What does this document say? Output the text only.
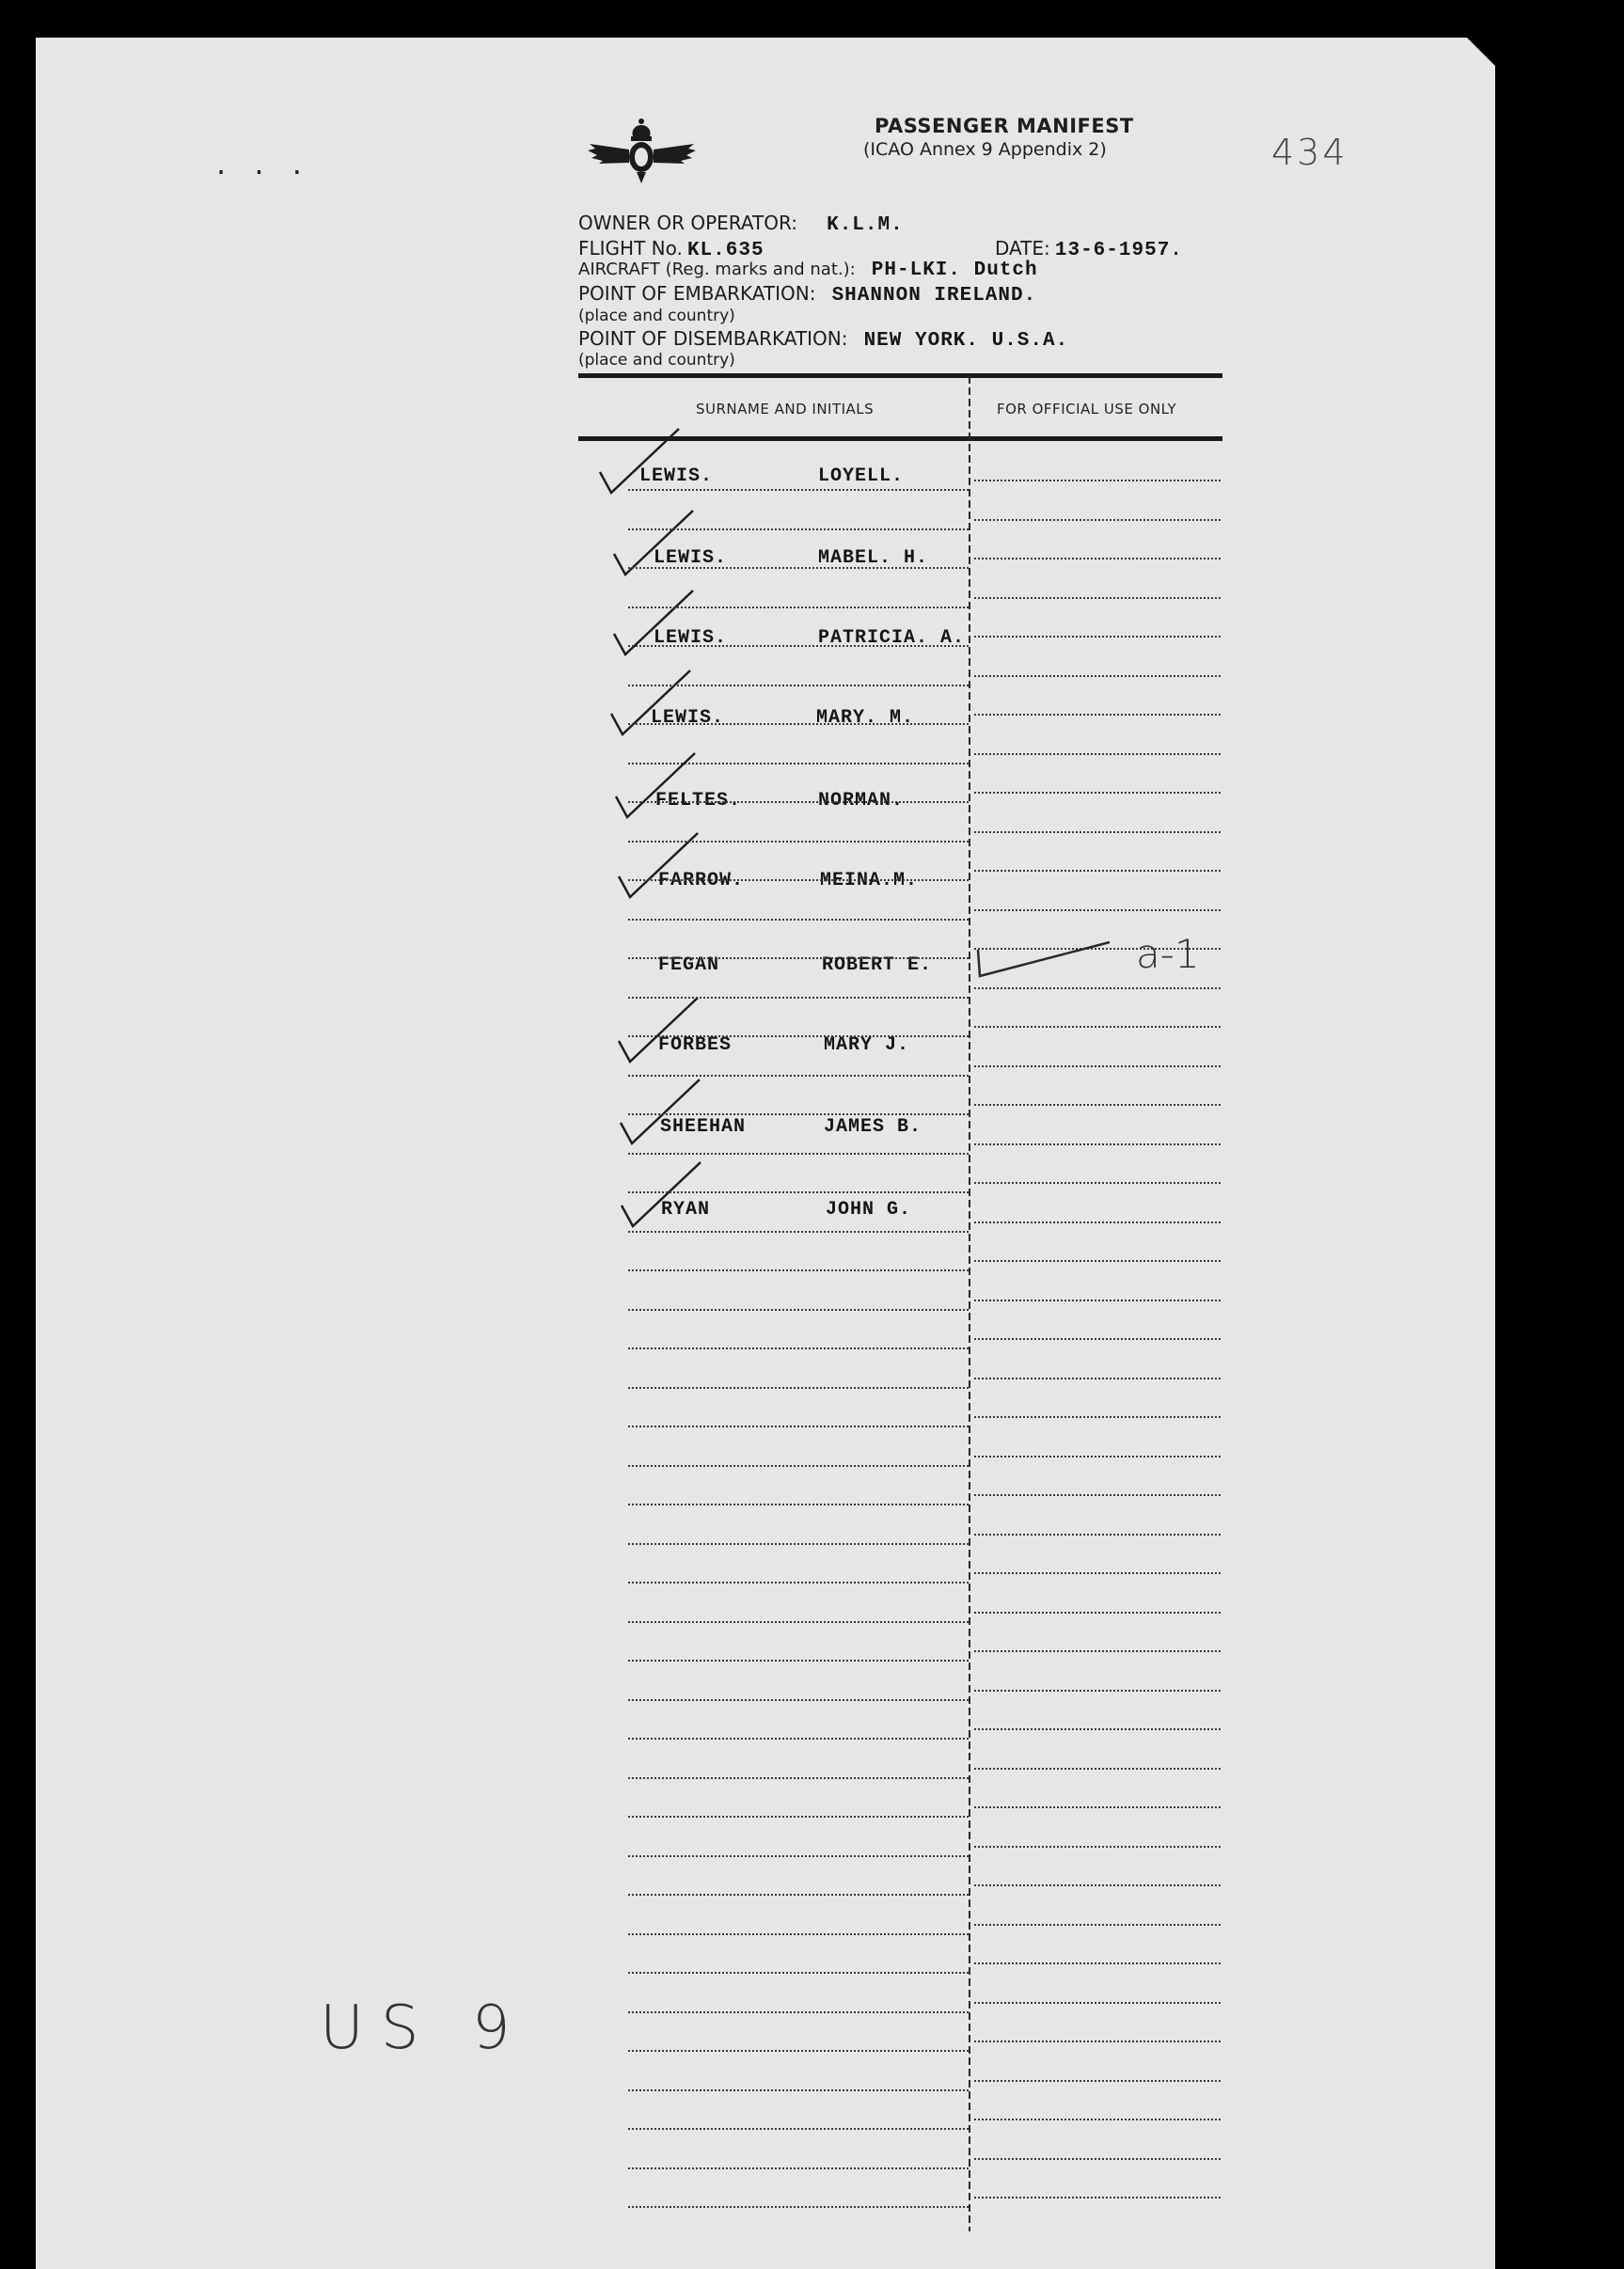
. . .
PASSENGER MANIFEST
(ICAO Annex 9 Appendix 2)	434
OWNER OR OPERATOR: K.L.M.
FLIGHT No. KL.635	DATE: 13-6-1957.
AIRCRAFT (Reg. marks and nat.): PH-LKI. Dutch
POINT OF EMBARKATION: SHANNON IRELAND.
(place and country)
POINT OF DISEMBARKATION: NEW YORK. U.S.A.
(place and country)
SURNAME AND INITIALS	FOR OFFICIAL USE ONLY
LEWIS.	LOYELL.
LEWIS.	MABEL. H.
LEWIS.	PATRICIA. A.
LEWIS.	MARY. M.
FELTES.	NORMAN.
FARROW.	MEINA.M.
FEGAN	ROBERT E.
FORBES	MARY J.
SHEEHAN	JAMES B.
RYAN	JOHN G.
a-1
US 9
